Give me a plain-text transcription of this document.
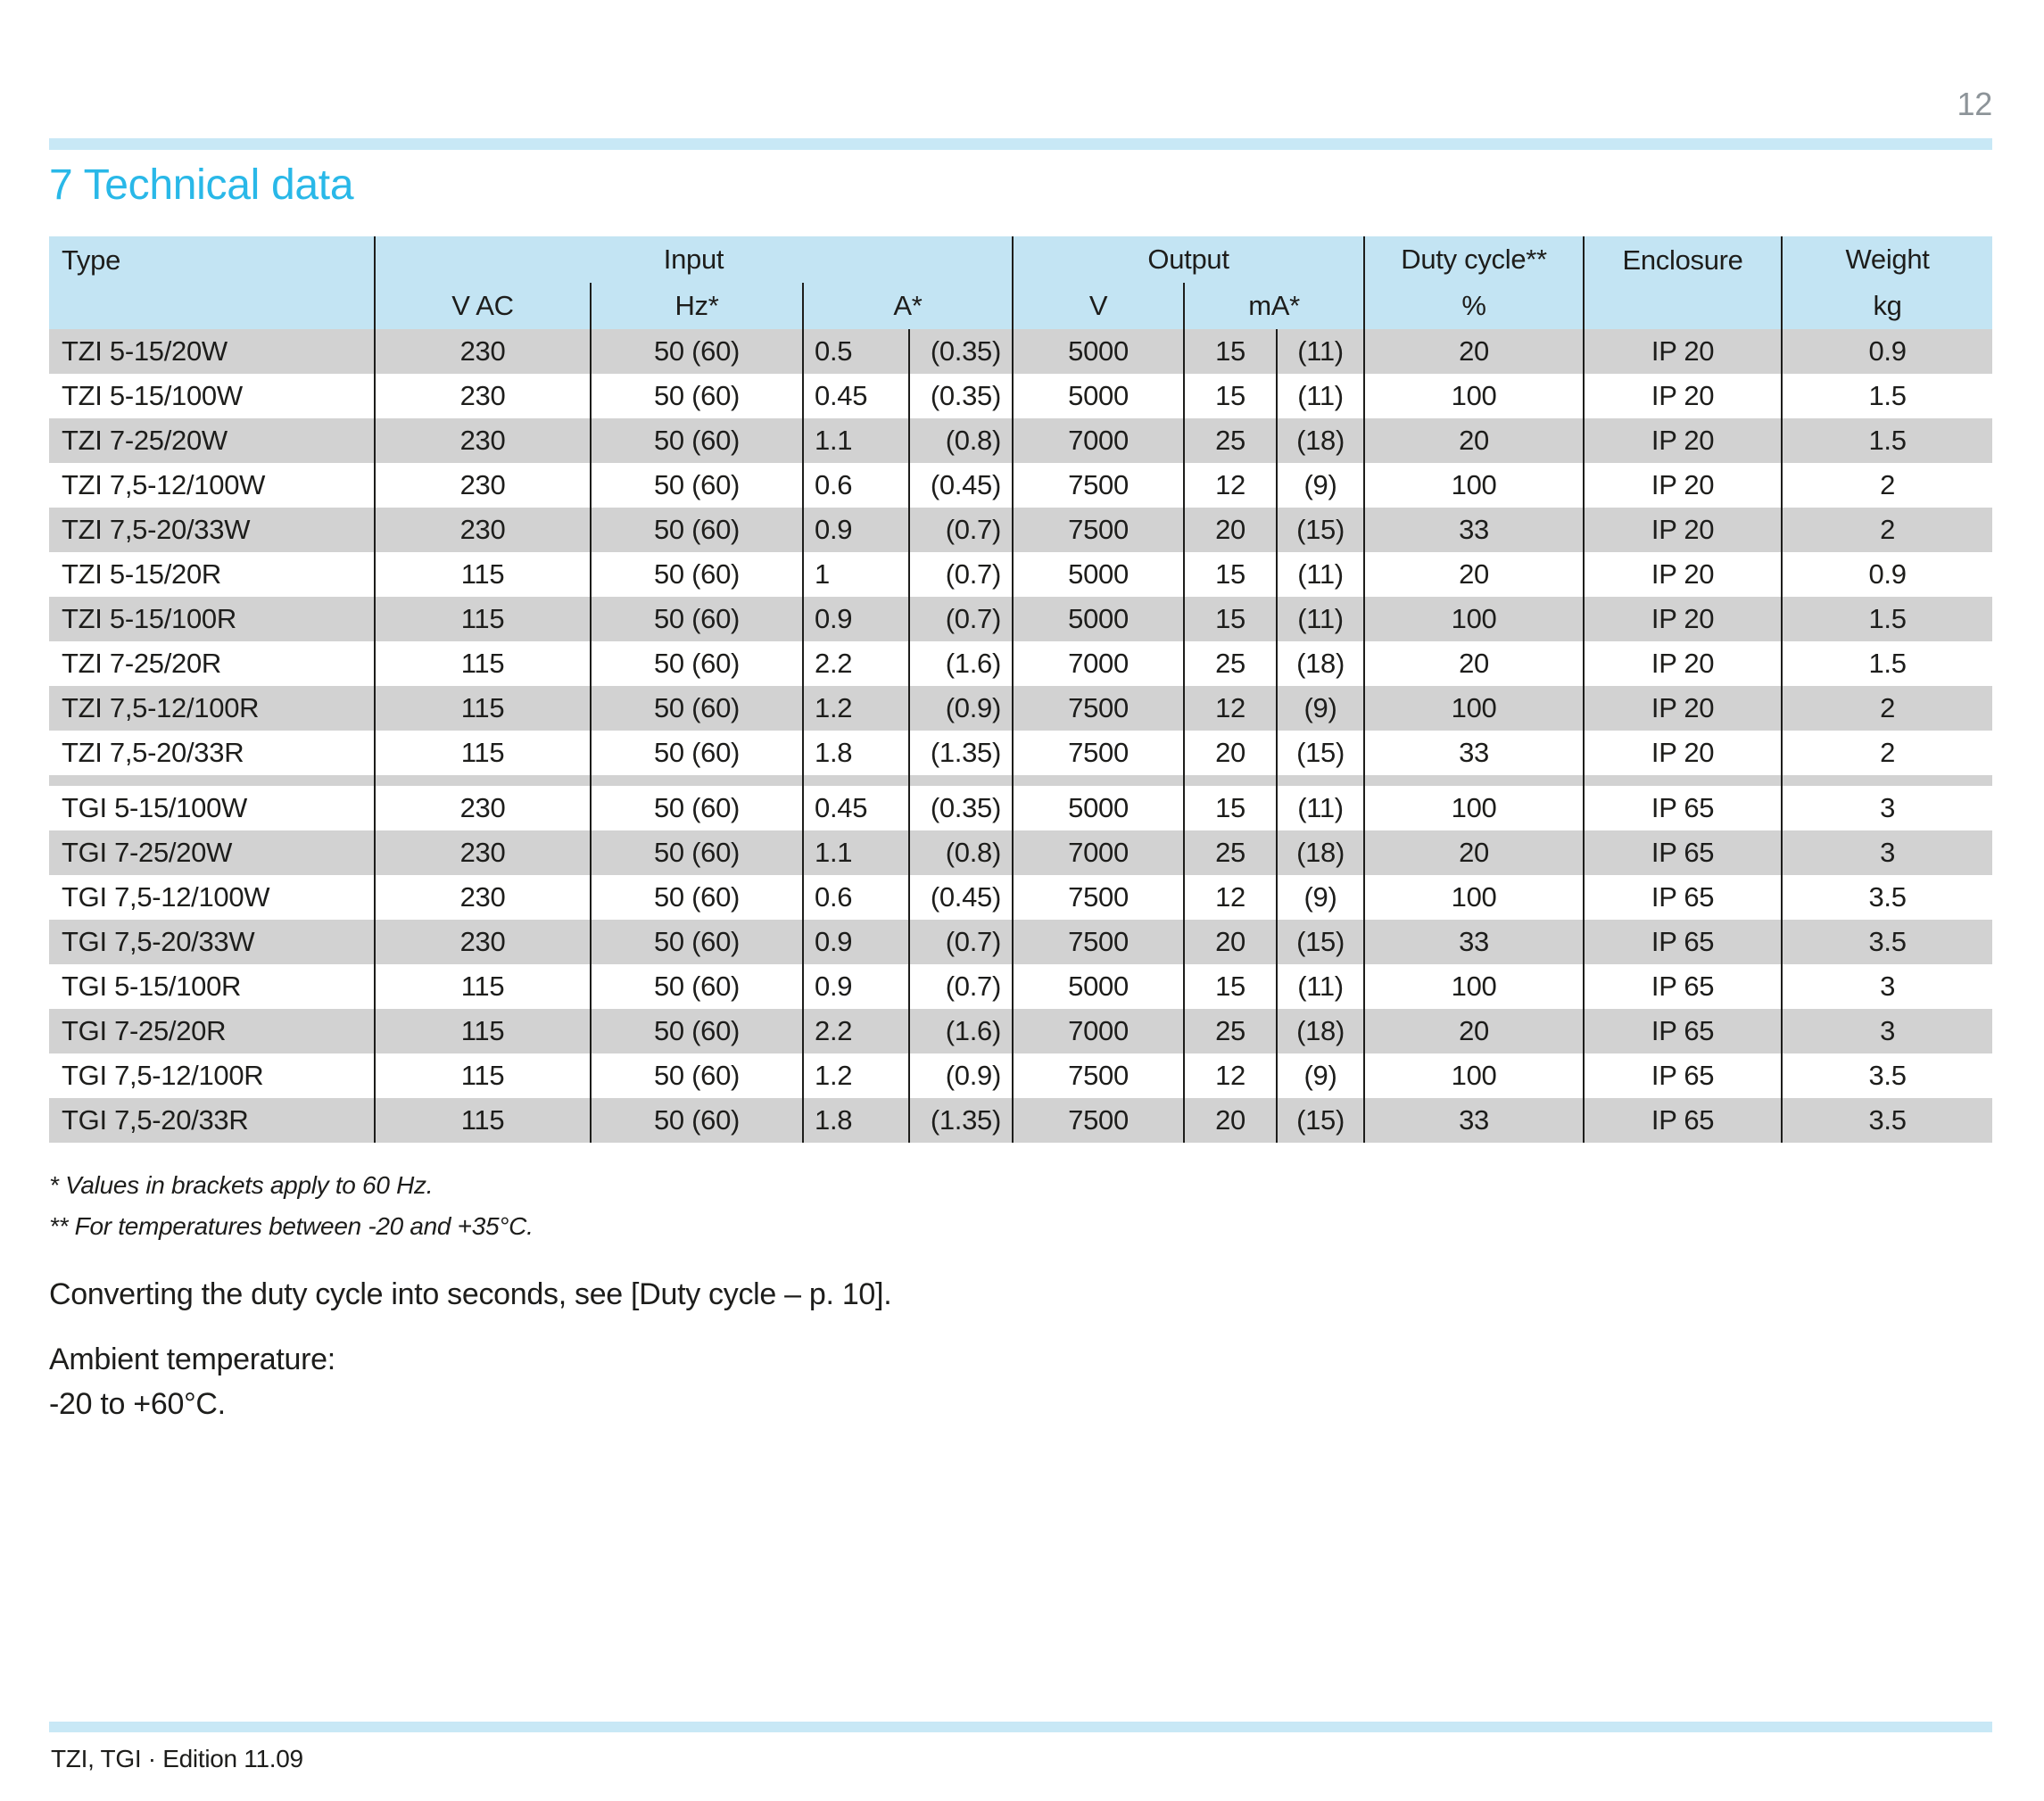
12
7 Technical data
Type	Input				Output			Duty cycle**	Enclosure	Weight
	V AC	Hz*	A*		V	mA*		%		kg
TZI 5-15/20W	230	50 (60)	0.5	(0.35)	5000	15	(11)	20	IP 20	0.9
TZI 5-15/100W	230	50 (60)	0.45	(0.35)	5000	15	(11)	100	IP 20	1.5
TZI 7-25/20W	230	50 (60)	1.1	(0.8)	7000	25	(18)	20	IP 20	1.5
TZI 7,5-12/100W	230	50 (60)	0.6	(0.45)	7500	12	(9)	100	IP 20	2
TZI 7,5-20/33W	230	50 (60)	0.9	(0.7)	7500	20	(15)	33	IP 20	2
TZI 5-15/20R	115	50 (60)	1	(0.7)	5000	15	(11)	20	IP 20	0.9
TZI 5-15/100R	115	50 (60)	0.9	(0.7)	5000	15	(11)	100	IP 20	1.5
TZI 7-25/20R	115	50 (60)	2.2	(1.6)	7000	25	(18)	20	IP 20	1.5
TZI 7,5-12/100R	115	50 (60)	1.2	(0.9)	7500	12	(9)	100	IP 20	2
TZI 7,5-20/33R	115	50 (60)	1.8	(1.35)	7500	20	(15)	33	IP 20	2

TGI 5-15/100W	230	50 (60)	0.45	(0.35)	5000	15	(11)	100	IP 65	3
TGI 7-25/20W	230	50 (60)	1.1	(0.8)	7000	25	(18)	20	IP 65	3
TGI 7,5-12/100W	230	50 (60)	0.6	(0.45)	7500	12	(9)	100	IP 65	3.5
TGI 7,5-20/33W	230	50 (60)	0.9	(0.7)	7500	20	(15)	33	IP 65	3.5
TGI 5-15/100R	115	50 (60)	0.9	(0.7)	5000	15	(11)	100	IP 65	3
TGI 7-25/20R	115	50 (60)	2.2	(1.6)	7000	25	(18)	20	IP 65	3
TGI 7,5-12/100R	115	50 (60)	1.2	(0.9)	7500	12	(9)	100	IP 65	3.5
TGI 7,5-20/33R	115	50 (60)	1.8	(1.35)	7500	20	(15)	33	IP 65	3.5
* Values in brackets apply to 60 Hz.
** For temperatures between -20 and +35°C.
Converting the duty cycle into seconds, see [Duty cycle – p. 10].
Ambient temperature:
-20 to +60°C.
TZI, TGI · Edition 11.09
